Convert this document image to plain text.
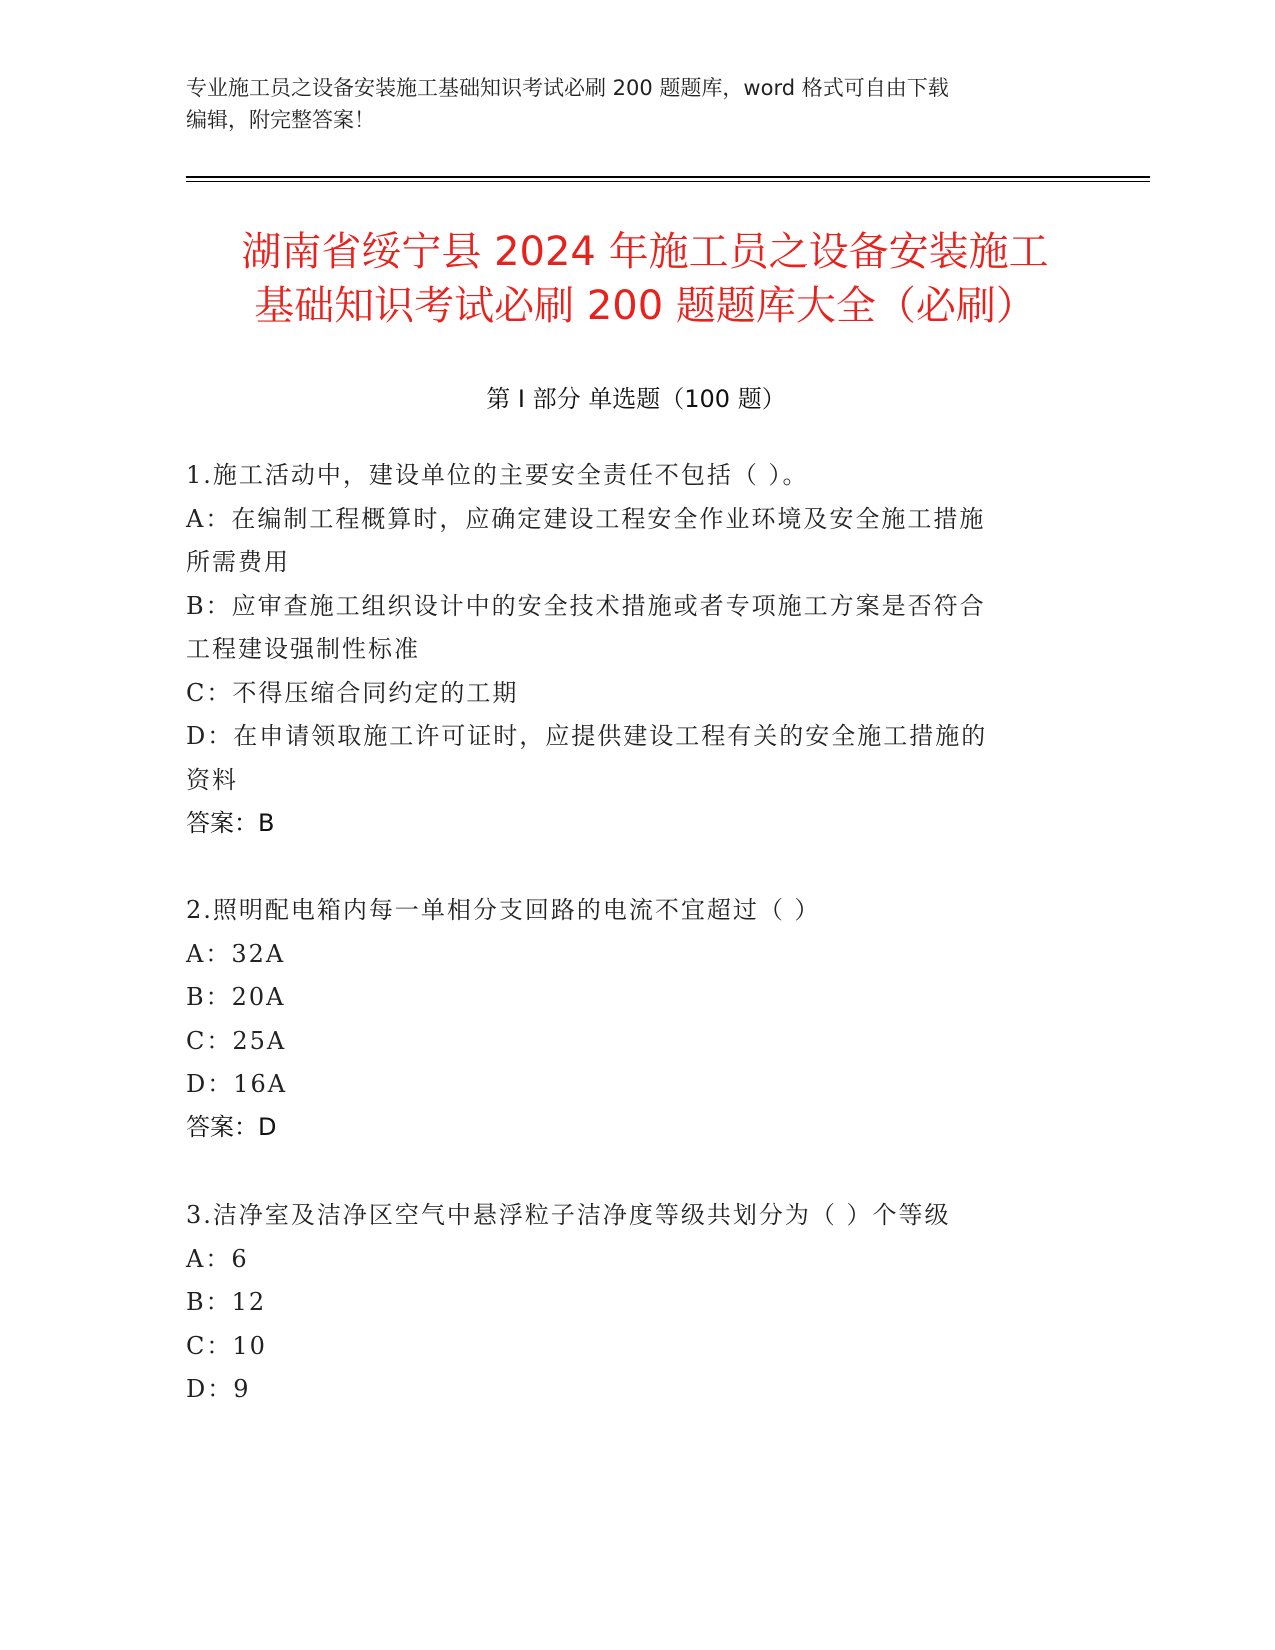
专业施工员之设备安装施工基础知识考试必刷 200 题题库，word 格式可自由下载
编辑，附完整答案！
湖南省绥宁县 2024 年施工员之设备安装施工
基础知识考试必刷 200 题题库大全（必刷）
第 I 部分 单选题（100 题）
1.施工活动中，建设单位的主要安全责任不包括（ ）。
A：在编制工程概算时，应确定建设工程安全作业环境及安全施工措施
所需费用
B：应审查施工组织设计中的安全技术措施或者专项施工方案是否符合
工程建设强制性标准
C：不得压缩合同约定的工期
D：在申请领取施工许可证时，应提供建设工程有关的安全施工措施的
资料
答案：B
2.照明配电箱内每一单相分支回路的电流不宜超过（ ）
A：32A
B：20A
C：25A
D：16A
答案：D
3.洁净室及洁净区空气中悬浮粒子洁净度等级共划分为（ ）个等级
A：6
B：12
C：10
D：9
